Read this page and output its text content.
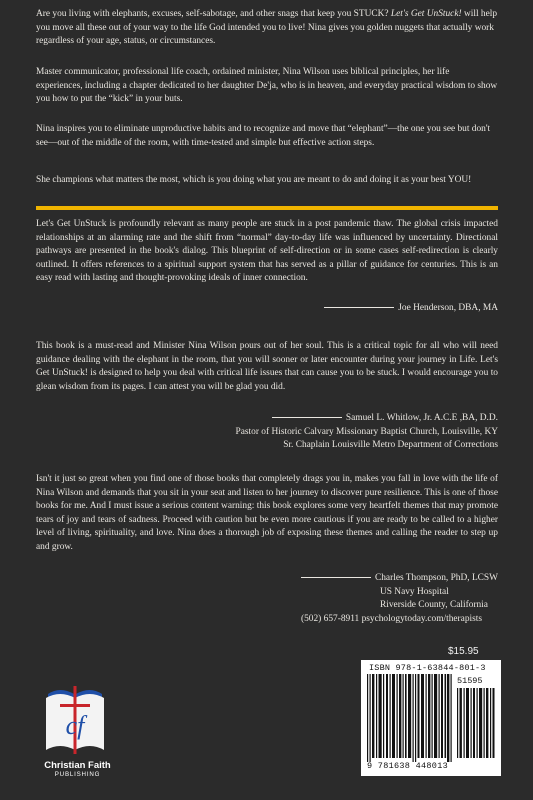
Are you living with elephants, excuses, self-sabotage, and other snags that keep you STUCK? Let's Get UnStuck! will help you move all these out of your way to the life God intended you to live! Nina gives you golden nuggets that actually work regardless of your age, status, or circumstances.

Master communicator, professional life coach, ordained minister, Nina Wilson uses biblical principles, her life experiences, including a chapter dedicated to her daughter De'ja, who is in heaven, and everyday practical wisdom to show you how to put the “kick” in your buts.

Nina inspires you to eliminate unproductive habits and to recognize and move that “elephant”—the one you see but don't see—out of the middle of the room, with time-tested and simple but effective action steps.

She champions what matters the most, which is you doing what you are meant to do and doing it as your best YOU!

Let's Get UnStuck is profoundly relevant as many people are stuck in a post pandemic thaw. The global crisis impacted relationships at an alarming rate and the shift from “normal” day-to-day life was influenced by uncertainty. Directional pathways are presented in the book's dialog. This blueprint of self-direction or in some cases self-redirection is clearly outlined. It offers references to a spiritual support system that has served as a pillar of guidance for centuries. This is an easy read with lasting and thought-provoking ideals of inner connection.

Joe Henderson, DBA, MA

This book is a must-read and Minister Nina Wilson pours out of her soul. This is a critical topic for all who will need guidance dealing with the elephant in the room, that you will sooner or later encounter during your journey in Life. Let's Get UnStuck! is designed to help you deal with critical life issues that can cause you to be stuck. I would encourage you to glean wisdom from its pages. I can attest you will be glad you did.

Samuel L. Whitlow, Jr. A.C.E ,BA, D.D.
Pastor of Historic Calvary Missionary Baptist Church, Louisville, KY
Sr. Chaplain Louisville Metro Department of Corrections

Isn't it just so great when you find one of those books that completely drags you in, makes you fall in love with the life of Nina Wilson and demands that you sit in your seat and listen to her journey to discover pure resilience. This is one of those books for me. And I must issue a serious content warning: this book explores some very heartfelt themes that may promote tears of joy and tears of sadness. Proceed with caution but be even more cautious if you are ready to be called to a higher level of living, spirituality, and love. Nina does a thorough job of exposing these themes and calling the reader to step up and grow.

Charles Thompson, PhD, LCSW
US Navy Hospital
Riverside County, California
(502) 657-8911 psychologytoday.com/therapists
$15.95
ISBN 978-1-63844-801-3
51595
9 781638 448013
cf
Christian Faith
PUBLISHING
